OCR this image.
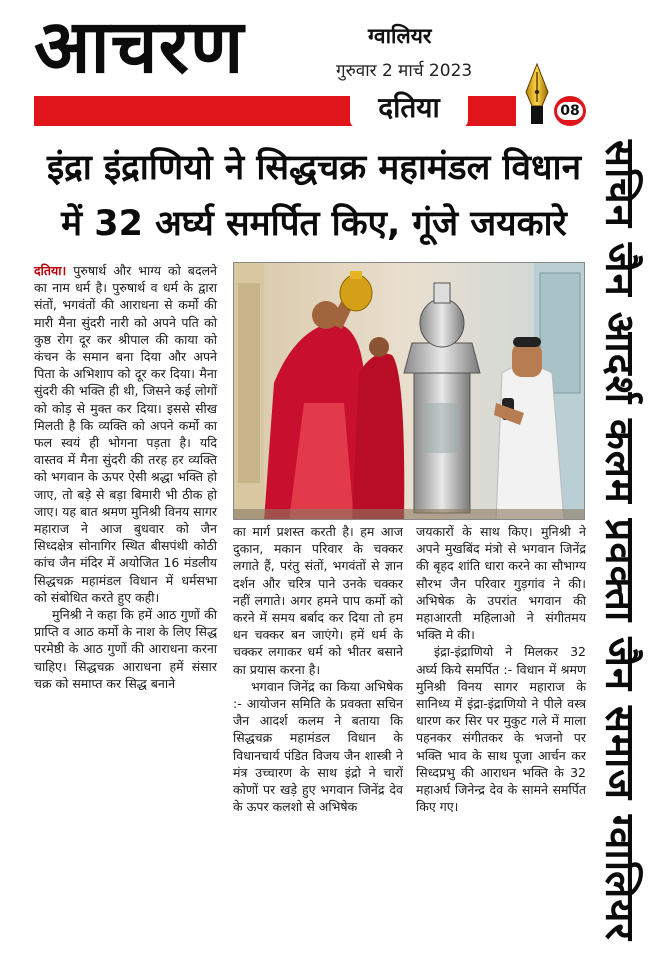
आचरण	ग्वालियर
गुरुवार 2 मार्च 2023
दतिया	08
इंद्रा इंद्राणियो ने सिद्धचक्र महामंडल विधान
में 32 अर्घ्य समर्पित किए, गूंजे जयकारे सचिन जैन आदर्श कलम प्रवक्ता जैन समाज ग्वालियर

दतिया। पुरुषार्थ और भाग्य को बदलने का नाम धर्म है। पुरुषार्थ व धर्म के द्वारा संतों, भगवंतों की आराधना से कर्मो की मारी मैना सुंदरी नारी को अपने पति को कुष्ठ रोग दूर कर श्रीपाल की काया को कंचन के समान बना दिया और अपने पिता के अभिशाप को दूर कर दिया। मैना सुंदरी की भक्ति ही थी, जिसने कई लोगों को कोड़ से मुक्त कर दिया। इससे सीख मिलती है कि व्यक्ति को अपने कर्मो का फल स्वयं ही भोगना पड़ता है। यदि वास्तव में मैना सुंदरी की तरह हर व्यक्ति को भगवान के ऊपर ऐसी श्रद्धा भक्ति हो जाए, तो बड़े से बड़ा बिमारी भी ठीक हो जाए। यह बात श्रमण मुनिश्री विनय सागर महाराज ने आज बुधवार को जैन सिध्दक्षेत्र सोनागिर स्थित बीसपंथी कोठी कांच जैन मंदिर में अयोजित 16 मंडलीय सिद्धचक्र महामंडल विधान में धर्मसभा को संबोधित करते हुए कही।

मुनिश्री ने कहा कि हमें आठ गुणों की प्राप्ति व आठ कर्मो के नाश के लिए सिद्ध परमेष्ठी के आठ गुणों की आराधना करना चाहिए। सिद्धचक्र आराधना हमें संसार चक्र को समाप्त कर सिद्ध बनाने

का मार्ग प्रशस्त करती है। हम आज दुकान, मकान परिवार के चक्कर लगाते हैं, परंतु संतों, भगवंतों से ज्ञान दर्शन और चरित्र पाने उनके चक्कर नहीं लगाते। अगर हमने पाप कर्मो को करने में समय बर्बाद कर दिया तो हम धन चक्कर बन जाएंगे। हमें धर्म के चक्कर लगाकर धर्म को भीतर बसाने का प्रयास करना है।

भगवान जिनेंद्र का किया अभिषेक :- आयोजन समिति के प्रवक्ता सचिन जैन आदर्श कलम ने बताया कि सिद्धचक्र महामंडल विधान के विधानचार्य पंडित विजय जैन शास्त्री ने मंत्र उच्चारण के साथ इंद्रो ने चारों कोणों पर खड़े हुए भगवान जिनेंद्र देव के ऊपर कलशो से अभिषेक

जयकारों के साथ किए। मुनिश्री ने अपने मुखबिंद मंत्रो से भगवान जिनेंद्र की बृहद शांति धारा करने का सौभाग्य सौरभ जैन परिवार गुड़गांव ने की। अभिषेक के उपरांत भगवान की महाआरती महिलाओ ने संगीतमय भक्ति मे की।

इंद्रा-इंद्राणियो ने मिलकर 32 अर्घ्य किये समर्पित :- विधान में श्रमण मुनिश्री विनय सागर महाराज के सानिध्य में इंद्रा-इंद्राणियो ने पीले वस्त्र धारण कर सिर पर मुकुट गले में माला पहनकर संगीतकर के भजनो पर भक्ति भाव के साथ पूजा आर्चन कर सिध्दप्रभु की आराधन भक्ति के 32 महाअर्घ जिनेन्द्र देव के सामने समर्पित किए गए।
